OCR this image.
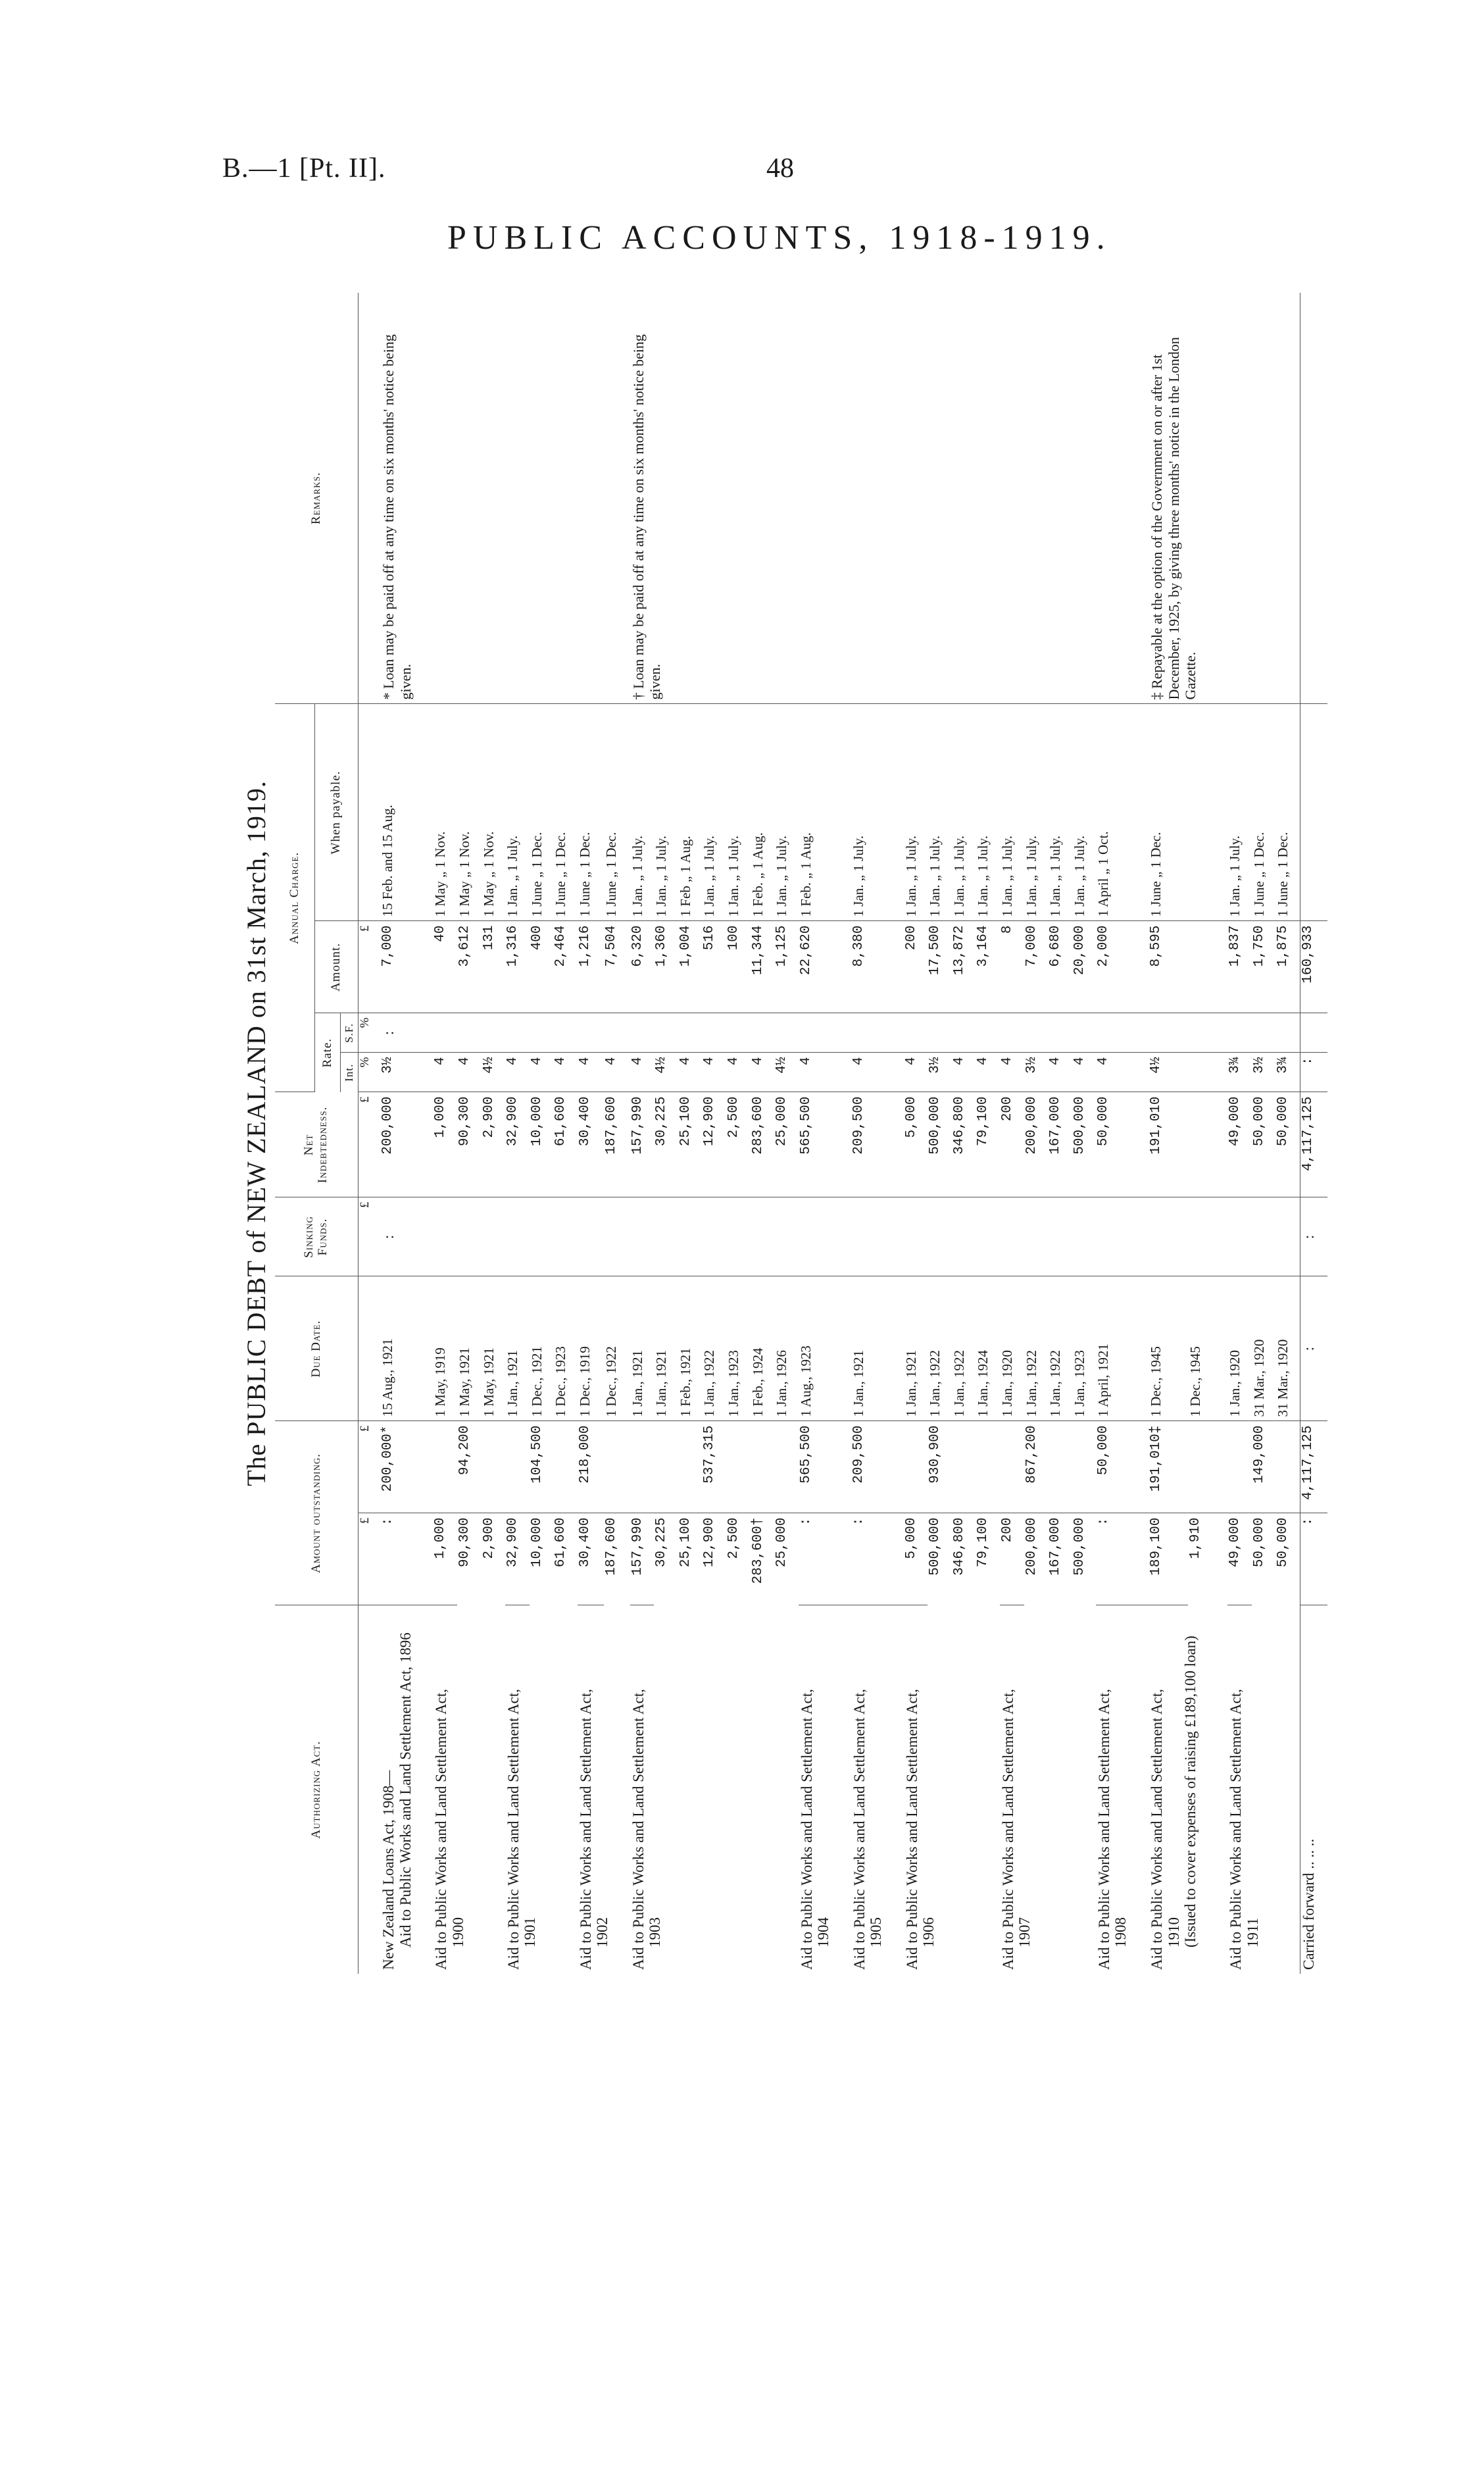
B.—1 [Pt. II].	48
PUBLIC ACCOUNTS, 1918-1919.
The PUBLIC DEBT of NEW ZEALAND on 31st March, 1919.
Authorizing Act.	Amount outstanding.		Due Date.	Sinking Funds.	Net Indebtedness.	Annual Charge.				Remarks.
						Rate.		Amount.	When payable.	
						Int.	S.F.			
	£	£		£	£	%	%	£		

New Zealand Loans Act, 1908— Aid to Public Works and Land Settlement Act, 1896	:	200,000*	15 Aug., 1921	:	200,000	3½	:	7,000	15 Feb. and 15 Aug.	* Loan may be paid off at any time on six months' notice being given.

Aid to Public Works and Land Settlement Act, 1900	1,000		1 May, 1919		1,000	4		40	1 May „ 1 Nov.	
	90,300	94,200	1 May, 1921		90,300	4		3,612	1 May „ 1 Nov.	
	2,900		1 May, 1921		2,900	4½		131	1 May „ 1 Nov.	

Aid to Public Works and Land Settlement Act, 1901	32,900		1 Jan., 1921		32,900	4		1,316	1 Jan. „ 1 July.	
	10,000	104,500	1 Dec., 1921		10,000	4		400	1 June „ 1 Dec.	
	61,600		1 Dec., 1923		61,600	4		2,464	1 June „ 1 Dec.	

Aid to Public Works and Land Settlement Act, 1902	30,400	218,000	1 Dec., 1919		30,400	4		1,216	1 June „ 1 Dec.	
	187,600		1 Dec., 1922		187,600	4		7,504	1 June „ 1 Dec.	

Aid to Public Works and Land Settlement Act, 1903	157,990		1 Jan., 1921		157,990	4		6,320	1 Jan. „ 1 July.	† Loan may be paid off at any time on six months' notice being given.
	30,225		1 Jan., 1921		30,225	4½		1,360	1 Jan. „ 1 July.	
	25,100		1 Feb., 1921		25,100	4		1,004	1 Feb „ 1 Aug.	
	12,900	537,315	1 Jan., 1922		12,900	4		516	1 Jan. „ 1 July.	
	2,500		1 Jan., 1923		2,500	4		100	1 Jan. „ 1 July.	
	283,600†		1 Feb., 1924		283,600	4		11,344	1 Feb. „ 1 Aug.	
	25,000		1 Jan., 1926		25,000	4½		1,125	1 Jan. „ 1 July.	

Aid to Public Works and Land Settlement Act, 1904	:	565,500	1 Aug., 1923		565,500	4		22,620	1 Feb. „ 1 Aug.	

Aid to Public Works and Land Settlement Act, 1905	:	209,500	1 Jan., 1921		209,500	4		8,380	1 Jan. „ 1 July.	

Aid to Public Works and Land Settlement Act, 1906	5,000		1 Jan., 1921		5,000	4		200	1 Jan. „ 1 July.	
	500,000	930,900	1 Jan., 1922		500,000	3½		17,500	1 Jan. „ 1 July.	
	346,800		1 Jan., 1922		346,800	4		13,872	1 Jan. „ 1 July.	
	79,100		1 Jan., 1924		79,100	4		3,164	1 Jan. „ 1 July.	

Aid to Public Works and Land Settlement Act, 1907	200		1 Jan., 1920		200	4		8	1 Jan. „ 1 July.	
	200,000	867,200	1 Jan., 1922		200,000	3½		7,000	1 Jan. „ 1 July.	
	167,000		1 Jan., 1922		167,000	4		6,680	1 Jan. „ 1 July.	
	500,000		1 Jan., 1923		500,000	4		20,000	1 Jan. „ 1 July.	

Aid to Public Works and Land Settlement Act, 1908	:	50,000	1 April, 1921		50,000	4		2,000	1 April „ 1 Oct.	

Aid to Public Works and Land Settlement Act, 1910 (Issued to cover expenses of raising £189,100 loan)	189,100	191,010‡	1 Dec., 1945		191,010	4½		8,595	1 June „ 1 Dec.	‡ Repayable at the option of the Government on or after 1st December, 1925, by giving three months' notice in the London Gazette.
	1,910		1 Dec., 1945							

Aid to Public Works and Land Settlement Act, 1911	49,000		1 Jan., 1920		49,000	3¾		1,837	1 Jan. „ 1 July.	
	50,000	149,000	31 Mar., 1920		50,000	3½		1,750	1 June „ 1 Dec.	
	50,000		31 Mar., 1920		50,000	3¾		1,875	1 June „ 1 Dec.	
Carried forward .. .. ..	:	4,117,125	:	:	4,117,125	:		160,933		
